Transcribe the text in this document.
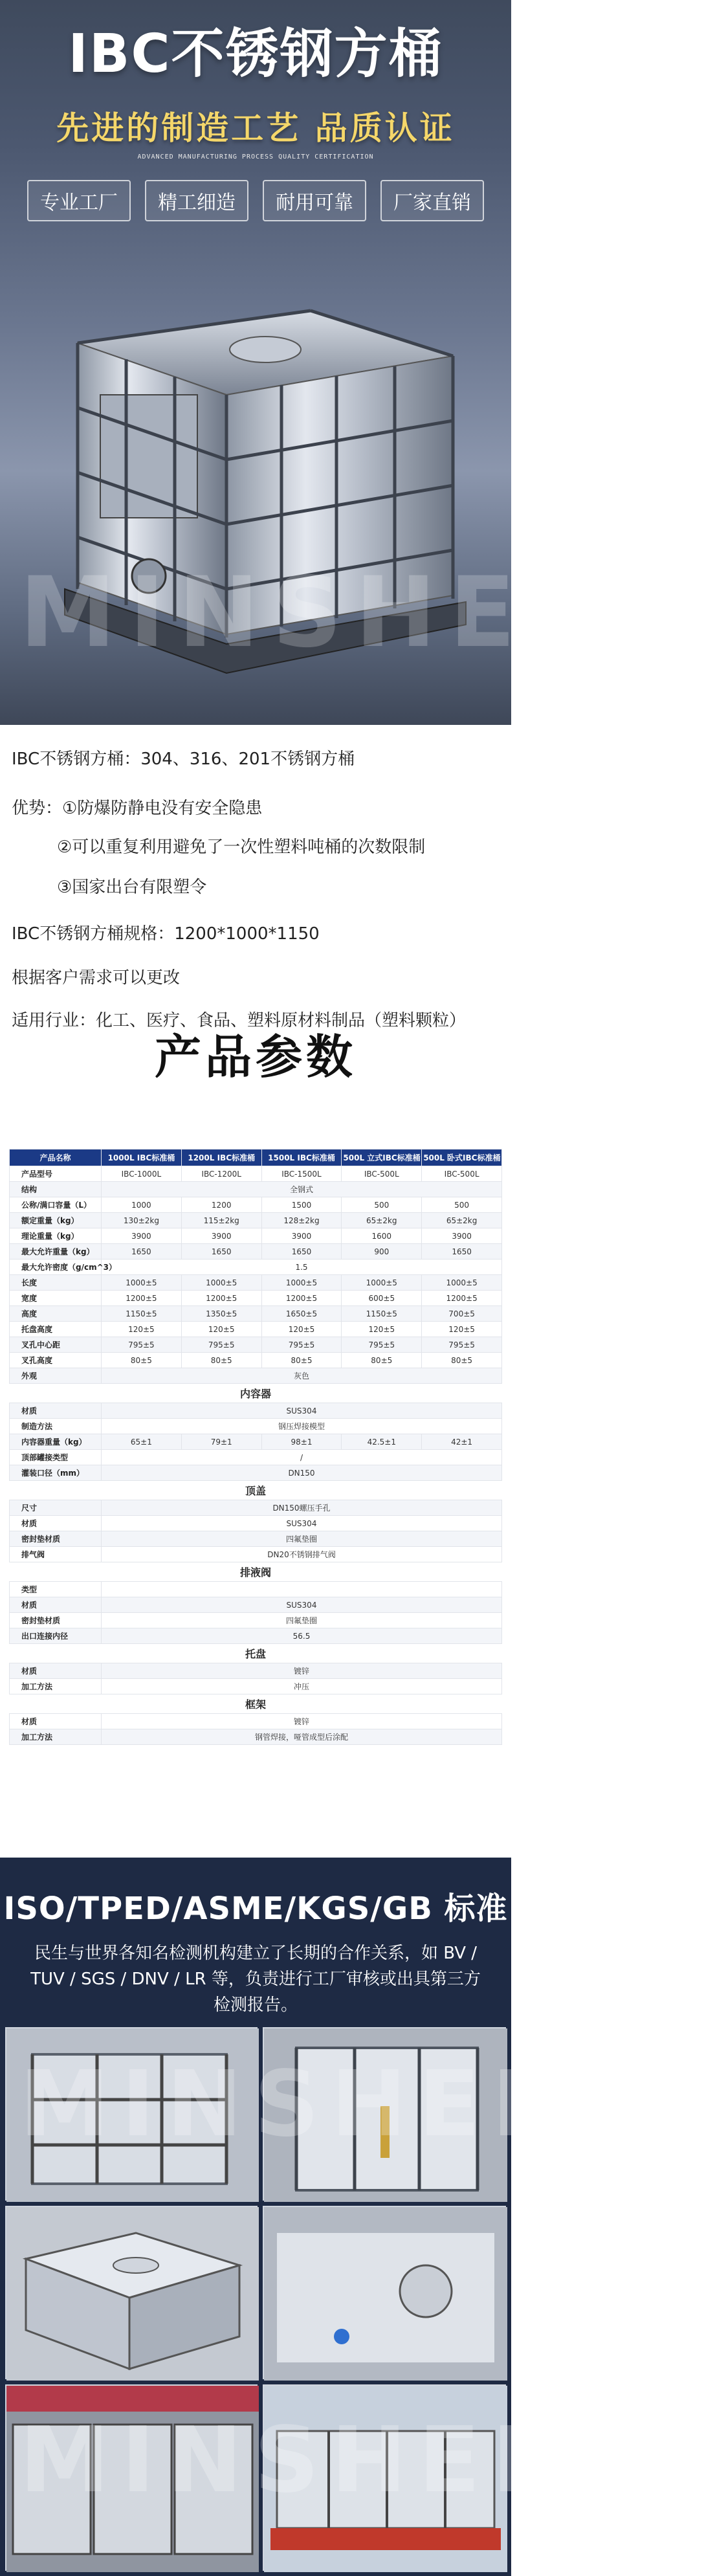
IBC不锈钢方桶
先进的制造工艺 品质认证
ADVANCED MANUFACTURING PROCESS QUALITY CERTIFICATION
专业工厂	精工细造	耐用可靠	厂家直销
MINSHENG

IBC不锈钢方桶：304、316、201不锈钢方桶

优势：①防爆防静电没有安全隐患

②可以重复利用避免了一次性塑料吨桶的次数限制

③国家出台有限塑令

IBC不锈钢方桶规格：1200*1000*1150

根据客户需求可以更改

适用行业：化工、医疗、食品、塑料原材料制品（塑料颗粒）

产品参数
产品名称	1000L IBC标准桶	1200L IBC标准桶	1500L IBC标准桶	500L 立式IBC标准桶	500L 卧式IBC标准桶
产品型号	IBC-1000L	IBC-1200L	IBC-1500L	IBC-500L	IBC-500L
结构	全钢式				
公称/满口容量（L）	1000	1200	1500	500	500
额定重量（kg）	130±2kg	115±2kg	128±2kg	65±2kg	65±2kg
理论重量（kg）	3900	3900	3900	1600	3900
最大允许重量（kg）	1650	1650	1650	900	1650
最大允许密度（g/cm^3）	1.5				
长度	1000±5	1000±5	1000±5	1000±5	1000±5
宽度	1200±5	1200±5	1200±5	600±5	1200±5
高度	1150±5	1350±5	1650±5	1150±5	700±5
托盘高度	120±5	120±5	120±5	120±5	120±5
叉孔中心距	795±5	795±5	795±5	795±5	795±5
叉孔高度	80±5	80±5	80±5	80±5	80±5
外观	灰色				
内容器					
材质	SUS304				
制造方法	钢压焊接模型				
内容器重量（kg）	65±1	79±1	98±1	42.5±1	42±1
顶部罐接类型	/				
灌装口径（mm）	DN150				
顶盖					
尺寸	DN150螺压手孔				
材质	SUS304				
密封垫材质	四氟垫圈				
排气阀	DN20不锈钢排气阀				
排液阀					
类型					
材质	SUS304				
密封垫材质	四氟垫圈				
出口连接内径	56.5				
托盘					
材质	镀锌				
加工方法	冲压				
框架					
材质	镀锌				
加工方法	钢管焊接，哑管成型后涂配				
ISO/TPED/ASME/KGS/GB 标准
民生与世界各知名检测机构建立了长期的合作关系，如 BV / TUV / SGS / DNV / LR 等，负责进行工厂审核或出具第三方检测报告。
MINSHENG
MINSHENG
